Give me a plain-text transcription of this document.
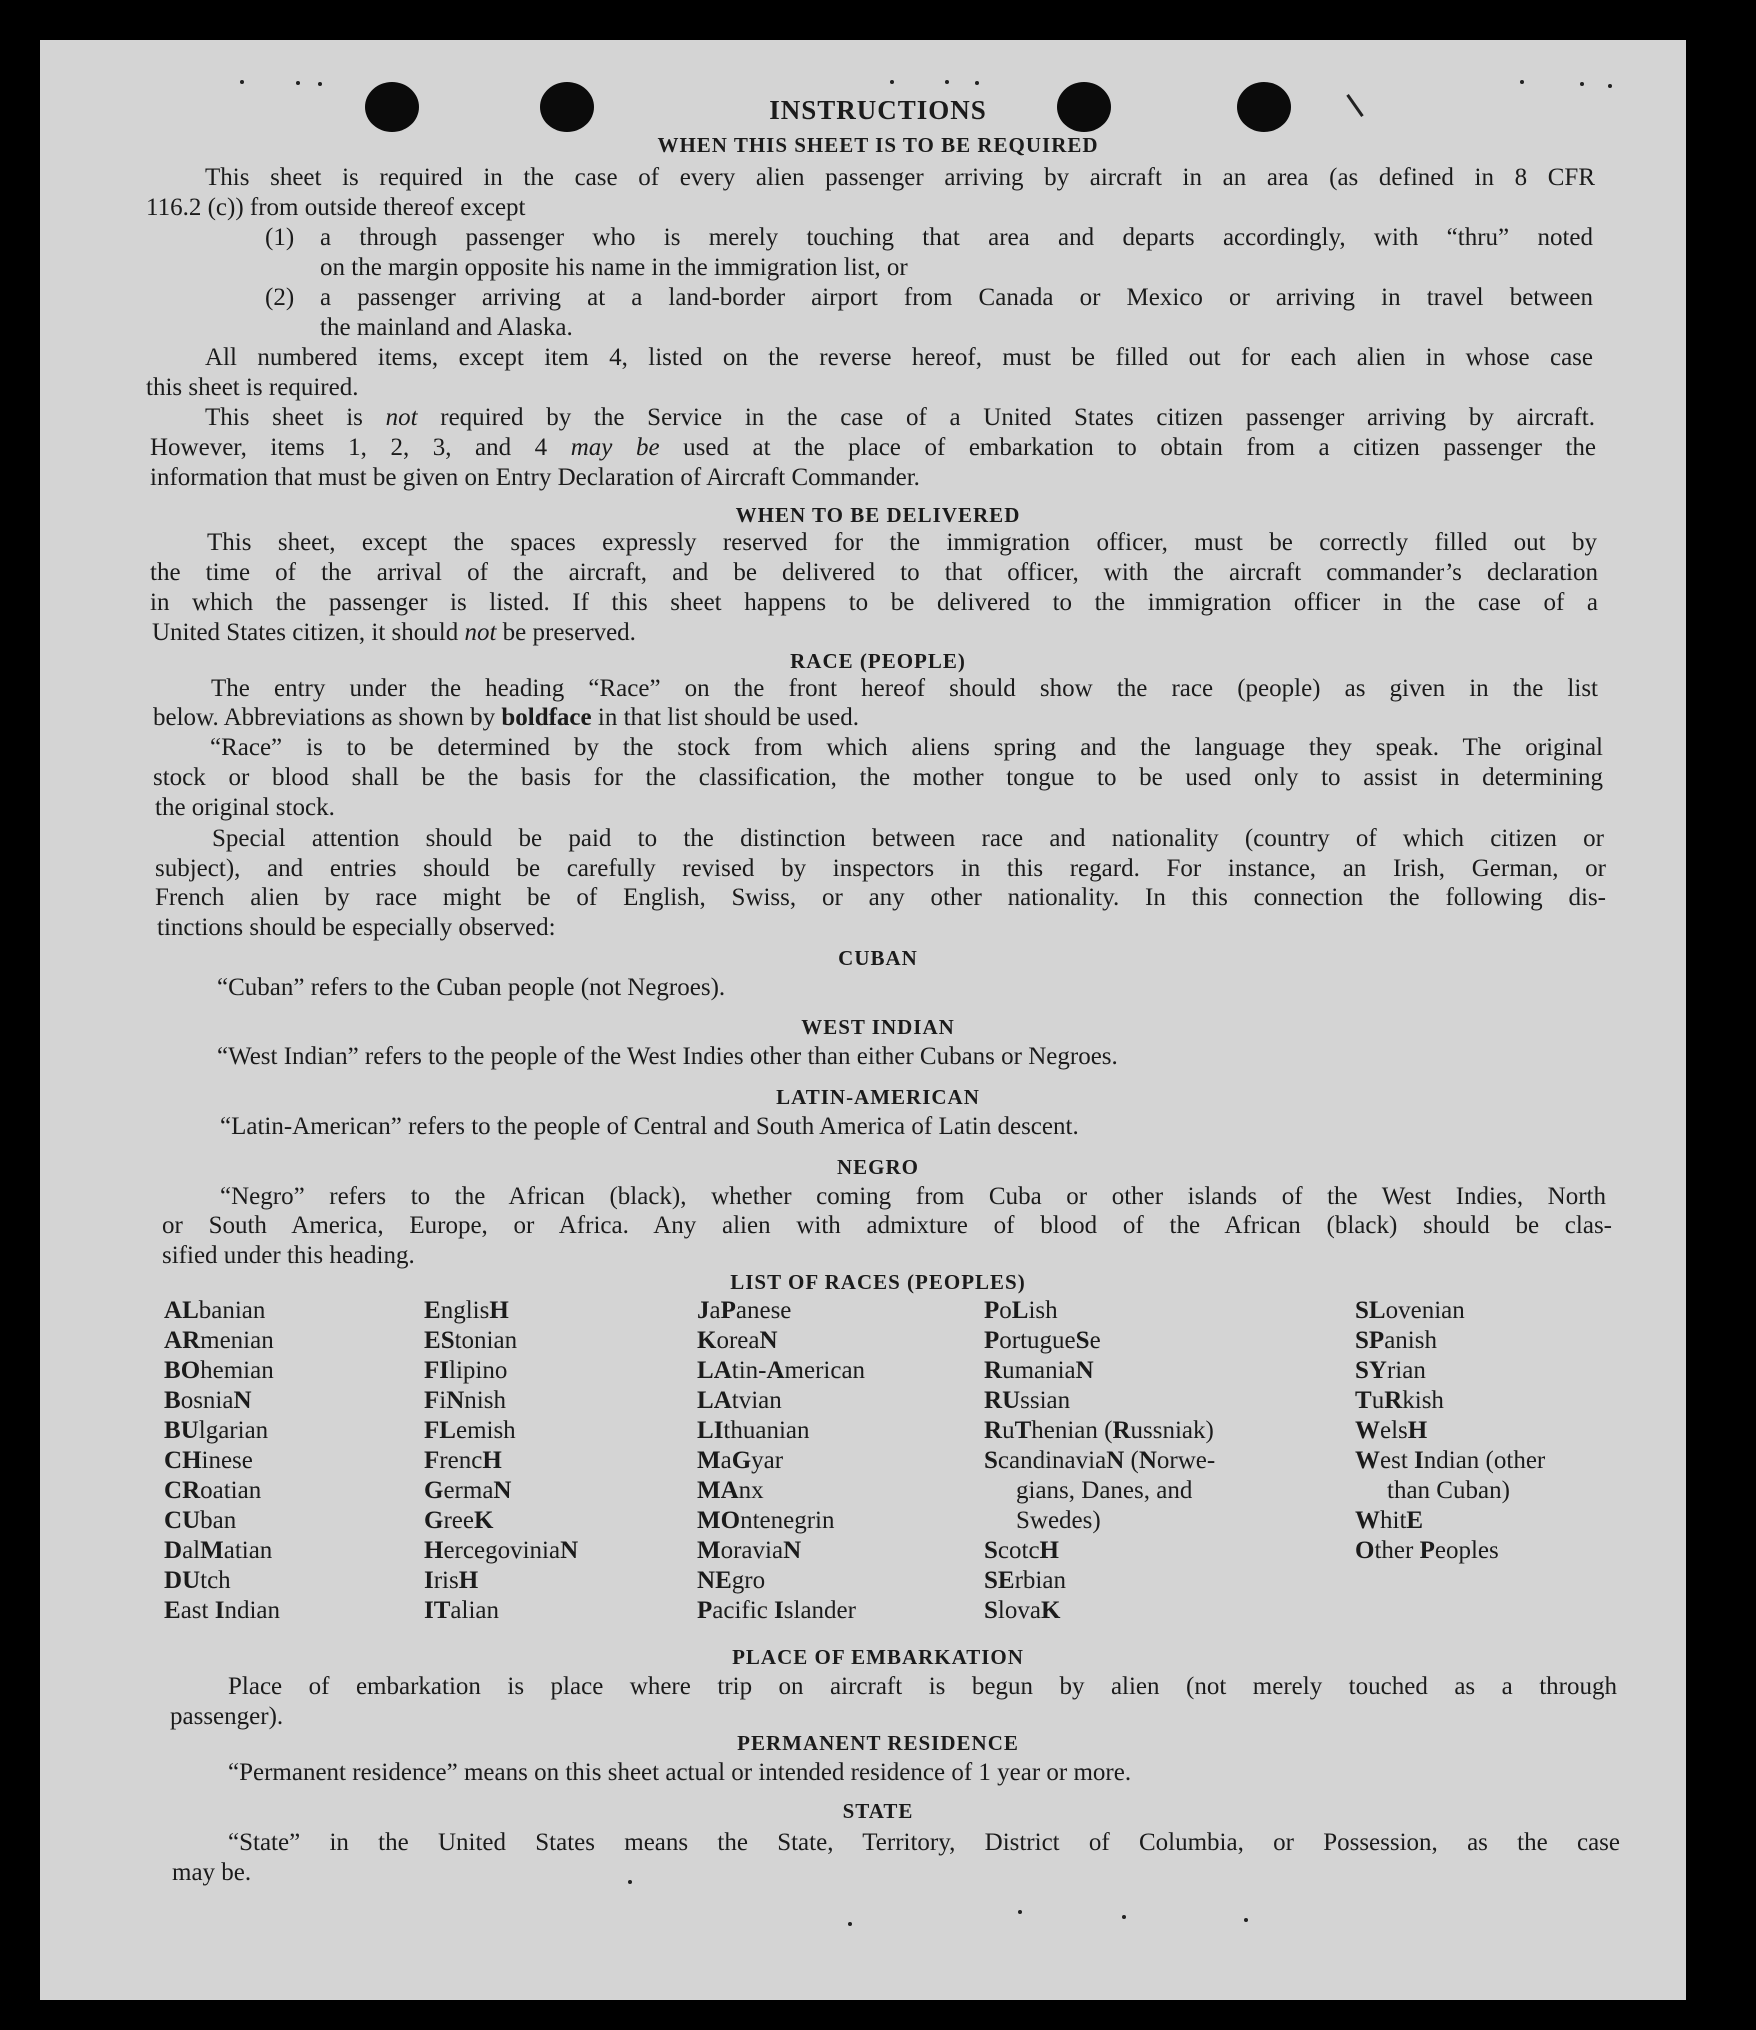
INSTRUCTIONS
WHEN THIS SHEET IS TO BE REQUIRED
This sheet is required in the case of every alien passenger arriving by aircraft in an area (as defined in 8 CFR
116.2 (c)) from outside thereof except
(1) a through passenger who is merely touching that area and departs accordingly, with “thru” noted
on the margin opposite his name in the immigration list, or
(2) a passenger arriving at a land-border airport from Canada or Mexico or arriving in travel between
the mainland and Alaska.
All numbered items, except item 4, listed on the reverse hereof, must be filled out for each alien in whose case
this sheet is required.
This sheet is not required by the Service in the case of a United States citizen passenger arriving by aircraft.
However, items 1, 2, 3, and 4 may be used at the place of embarkation to obtain from a citizen passenger the
information that must be given on Entry Declaration of Aircraft Commander.
WHEN TO BE DELIVERED
This sheet, except the spaces expressly reserved for the immigration officer, must be correctly filled out by
the time of the arrival of the aircraft, and be delivered to that officer, with the aircraft commander’s declaration
in which the passenger is listed. If this sheet happens to be delivered to the immigration officer in the case of a
United States citizen, it should not be preserved.
RACE (PEOPLE)
The entry under the heading “Race” on the front hereof should show the race (people) as given in the list
below. Abbreviations as shown by boldface in that list should be used.
“Race” is to be determined by the stock from which aliens spring and the language they speak. The original
stock or blood shall be the basis for the classification, the mother tongue to be used only to assist in determining
the original stock.
Special attention should be paid to the distinction between race and nationality (country of which citizen or
subject), and entries should be carefully revised by inspectors in this regard. For instance, an Irish, German, or
French alien by race might be of English, Swiss, or any other nationality. In this connection the following dis-
tinctions should be especially observed:
CUBAN
“Cuban” refers to the Cuban people (not Negroes).
WEST INDIAN
“West Indian” refers to the people of the West Indies other than either Cubans or Negroes.
LATIN-AMERICAN
“Latin-American” refers to the people of Central and South America of Latin descent.
NEGRO
“Negro” refers to the African (black), whether coming from Cuba or other islands of the West Indies, North
or South America, Europe, or Africa. Any alien with admixture of blood of the African (black) should be clas-
sified under this heading.
LIST OF RACES (PEOPLES)
ALbanian
ARmenian
BOhemian
BosniaN
BUlgarian
CHinese
CRoatian
CUban
DalMatian
DUtch
East Indian
EnglisH
EStonian
FIlipino
FiNnish
FLemish
FrencH
GermaN
GreeK
HercegoviniaN
IrisH
ITalian
JaPanese
KoreaN
LAtin-American
LAtvian
LIthuanian
MaGyar
MAnx
MOntenegrin
MoraviaN
NEgro
Pacific Islander
PoLish
PortugueSe
RumaniaN
RUssian
RuThenian (Russniak)
ScandinaviaN (Norwe-
gians, Danes, and
Swedes)
ScotcH
SErbian
SlovaK
SLovenian
SPanish
SYrian
TuRkish
WelsH
West Indian (other
than Cuban)
WhitE
Other Peoples
PLACE OF EMBARKATION
Place of embarkation is place where trip on aircraft is begun by alien (not merely touched as a through
passenger).
PERMANENT RESIDENCE
“Permanent residence” means on this sheet actual or intended residence of 1 year or more.
STATE
“State” in the United States means the State, Territory, District of Columbia, or Possession, as the case
may be.
